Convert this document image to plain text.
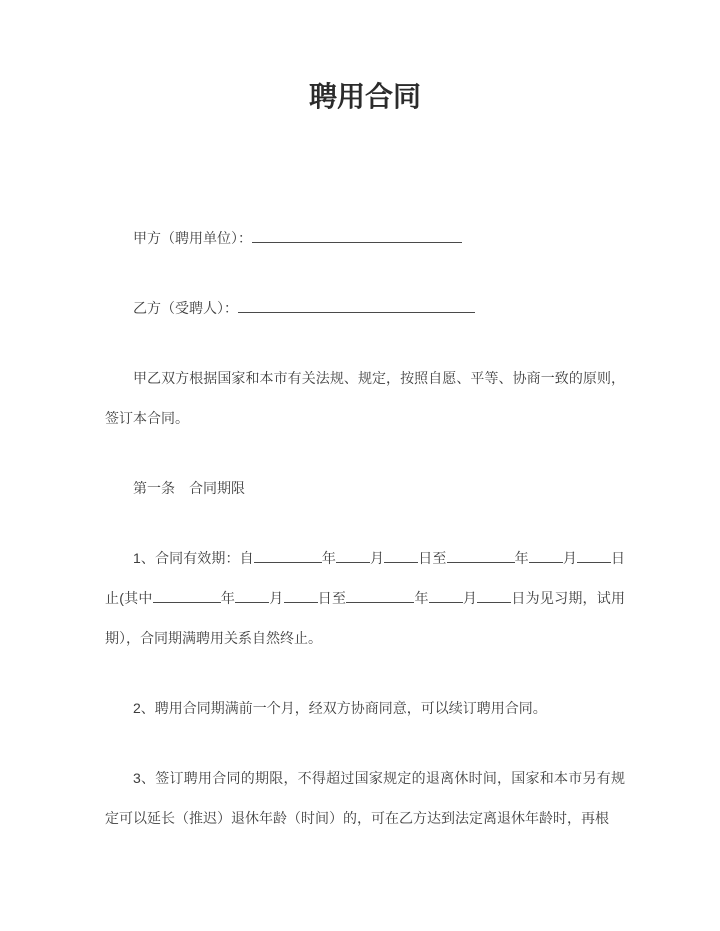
聘用合同
甲方（聘用单位）：
乙方（受聘人）：

甲乙双方根据国家和本市有关法规、规定，按照自愿、平等、协商一致的原则，签订本合同。

第一条　合同期限

1、合同有效期：自	年 月 日至	年 月 日止(其中	年 月 日至	年 月 日为见习期，试用期），合同期满聘用关系自然终止。

2、聘用合同期满前一个月，经双方协商同意，可以续订聘用合同。

3、签订聘用合同的期限，不得超过国家规定的退离休时间，国家和本市另有规定可以延长（推迟）退休年龄（时间）的，可在乙方达到法定离退休年龄时，再根
